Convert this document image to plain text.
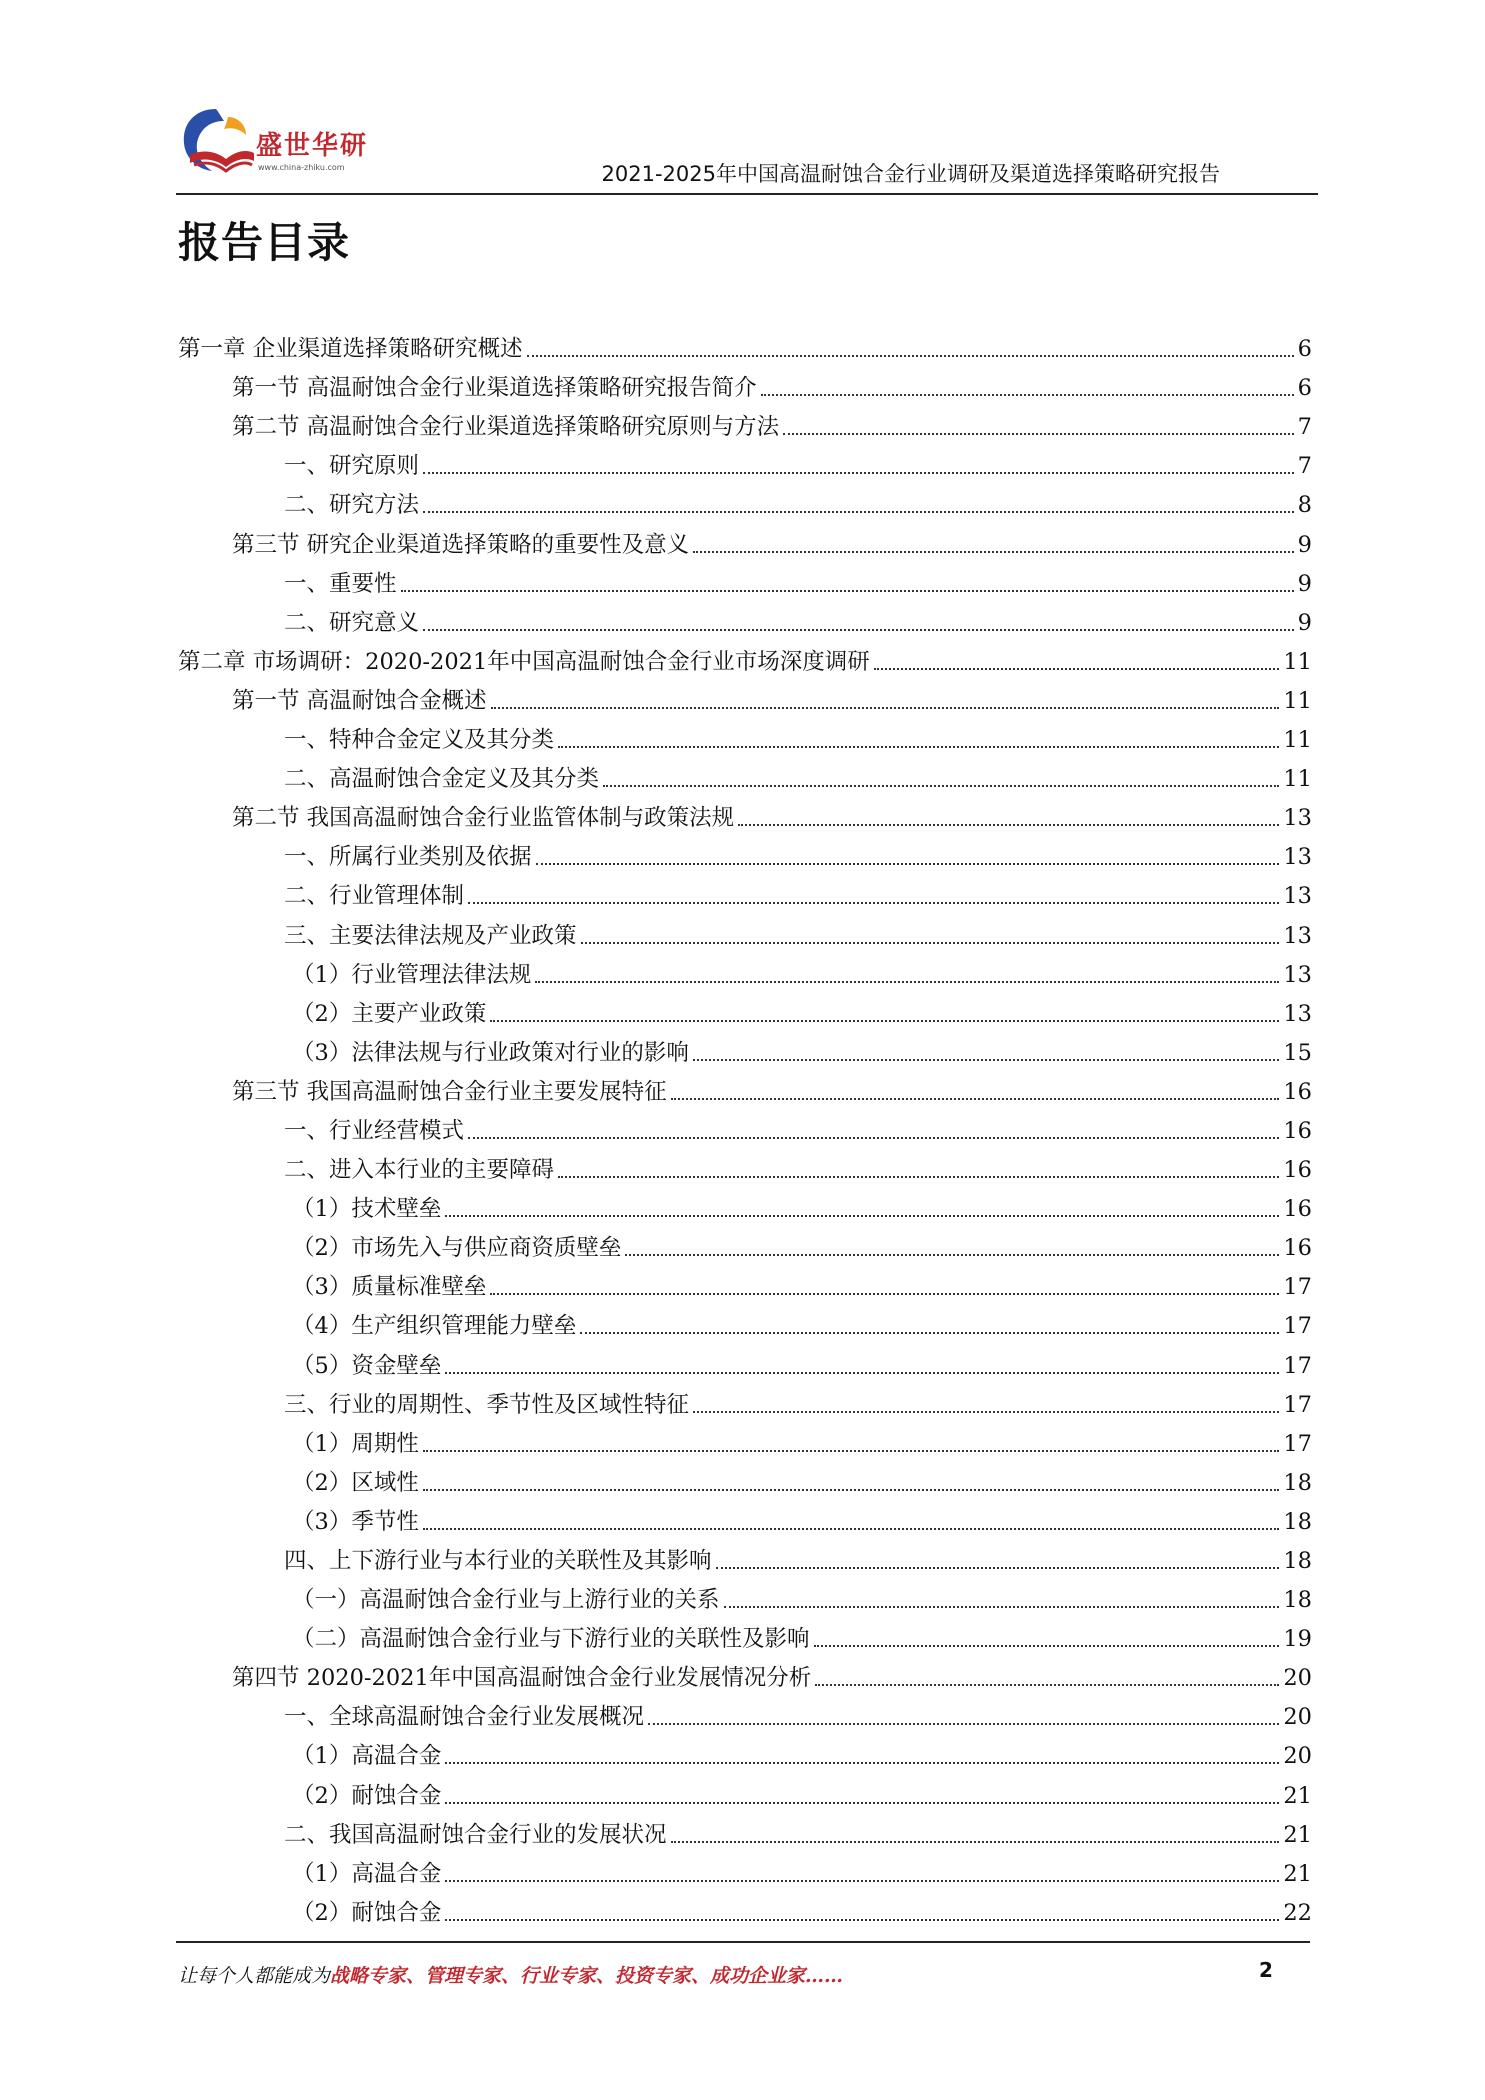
盛世华研
www.china-zhiku.com	2021-2025年中国高温耐蚀合金行业调研及渠道选择策略研究报告
报告目录
第一章 企业渠道选择策略研究概述	6
第一节 高温耐蚀合金行业渠道选择策略研究报告简介	6
第二节 高温耐蚀合金行业渠道选择策略研究原则与方法	7
一、研究原则	7
二、研究方法	8
第三节 研究企业渠道选择策略的重要性及意义	9
一、重要性	9
二、研究意义	9
第二章 市场调研：2020-2021年中国高温耐蚀合金行业市场深度调研	11
第一节 高温耐蚀合金概述	11
一、特种合金定义及其分类	11
二、高温耐蚀合金定义及其分类	11
第二节 我国高温耐蚀合金行业监管体制与政策法规	13
一、所属行业类别及依据	13
二、行业管理体制	13
三、主要法律法规及产业政策	13
（1）行业管理法律法规	13
（2）主要产业政策	13
（3）法律法规与行业政策对行业的影响	15
第三节 我国高温耐蚀合金行业主要发展特征	16
一、行业经营模式	16
二、进入本行业的主要障碍	16
（1）技术壁垒	16
（2）市场先入与供应商资质壁垒	16
（3）质量标准壁垒	17
（4）生产组织管理能力壁垒	17
（5）资金壁垒	17
三、行业的周期性、季节性及区域性特征	17
（1）周期性	17
（2）区域性	18
（3）季节性	18
四、上下游行业与本行业的关联性及其影响	18
（一）高温耐蚀合金行业与上游行业的关系	18
（二）高温耐蚀合金行业与下游行业的关联性及影响	19
第四节 2020-2021年中国高温耐蚀合金行业发展情况分析	20
一、全球高温耐蚀合金行业发展概况	20
（1）高温合金	20
（2）耐蚀合金	21
二、我国高温耐蚀合金行业的发展状况	21
（1）高温合金	21
（2）耐蚀合金	22
让每个人都能成为战略专家、管理专家、行业专家、投资专家、成功企业家……	2
